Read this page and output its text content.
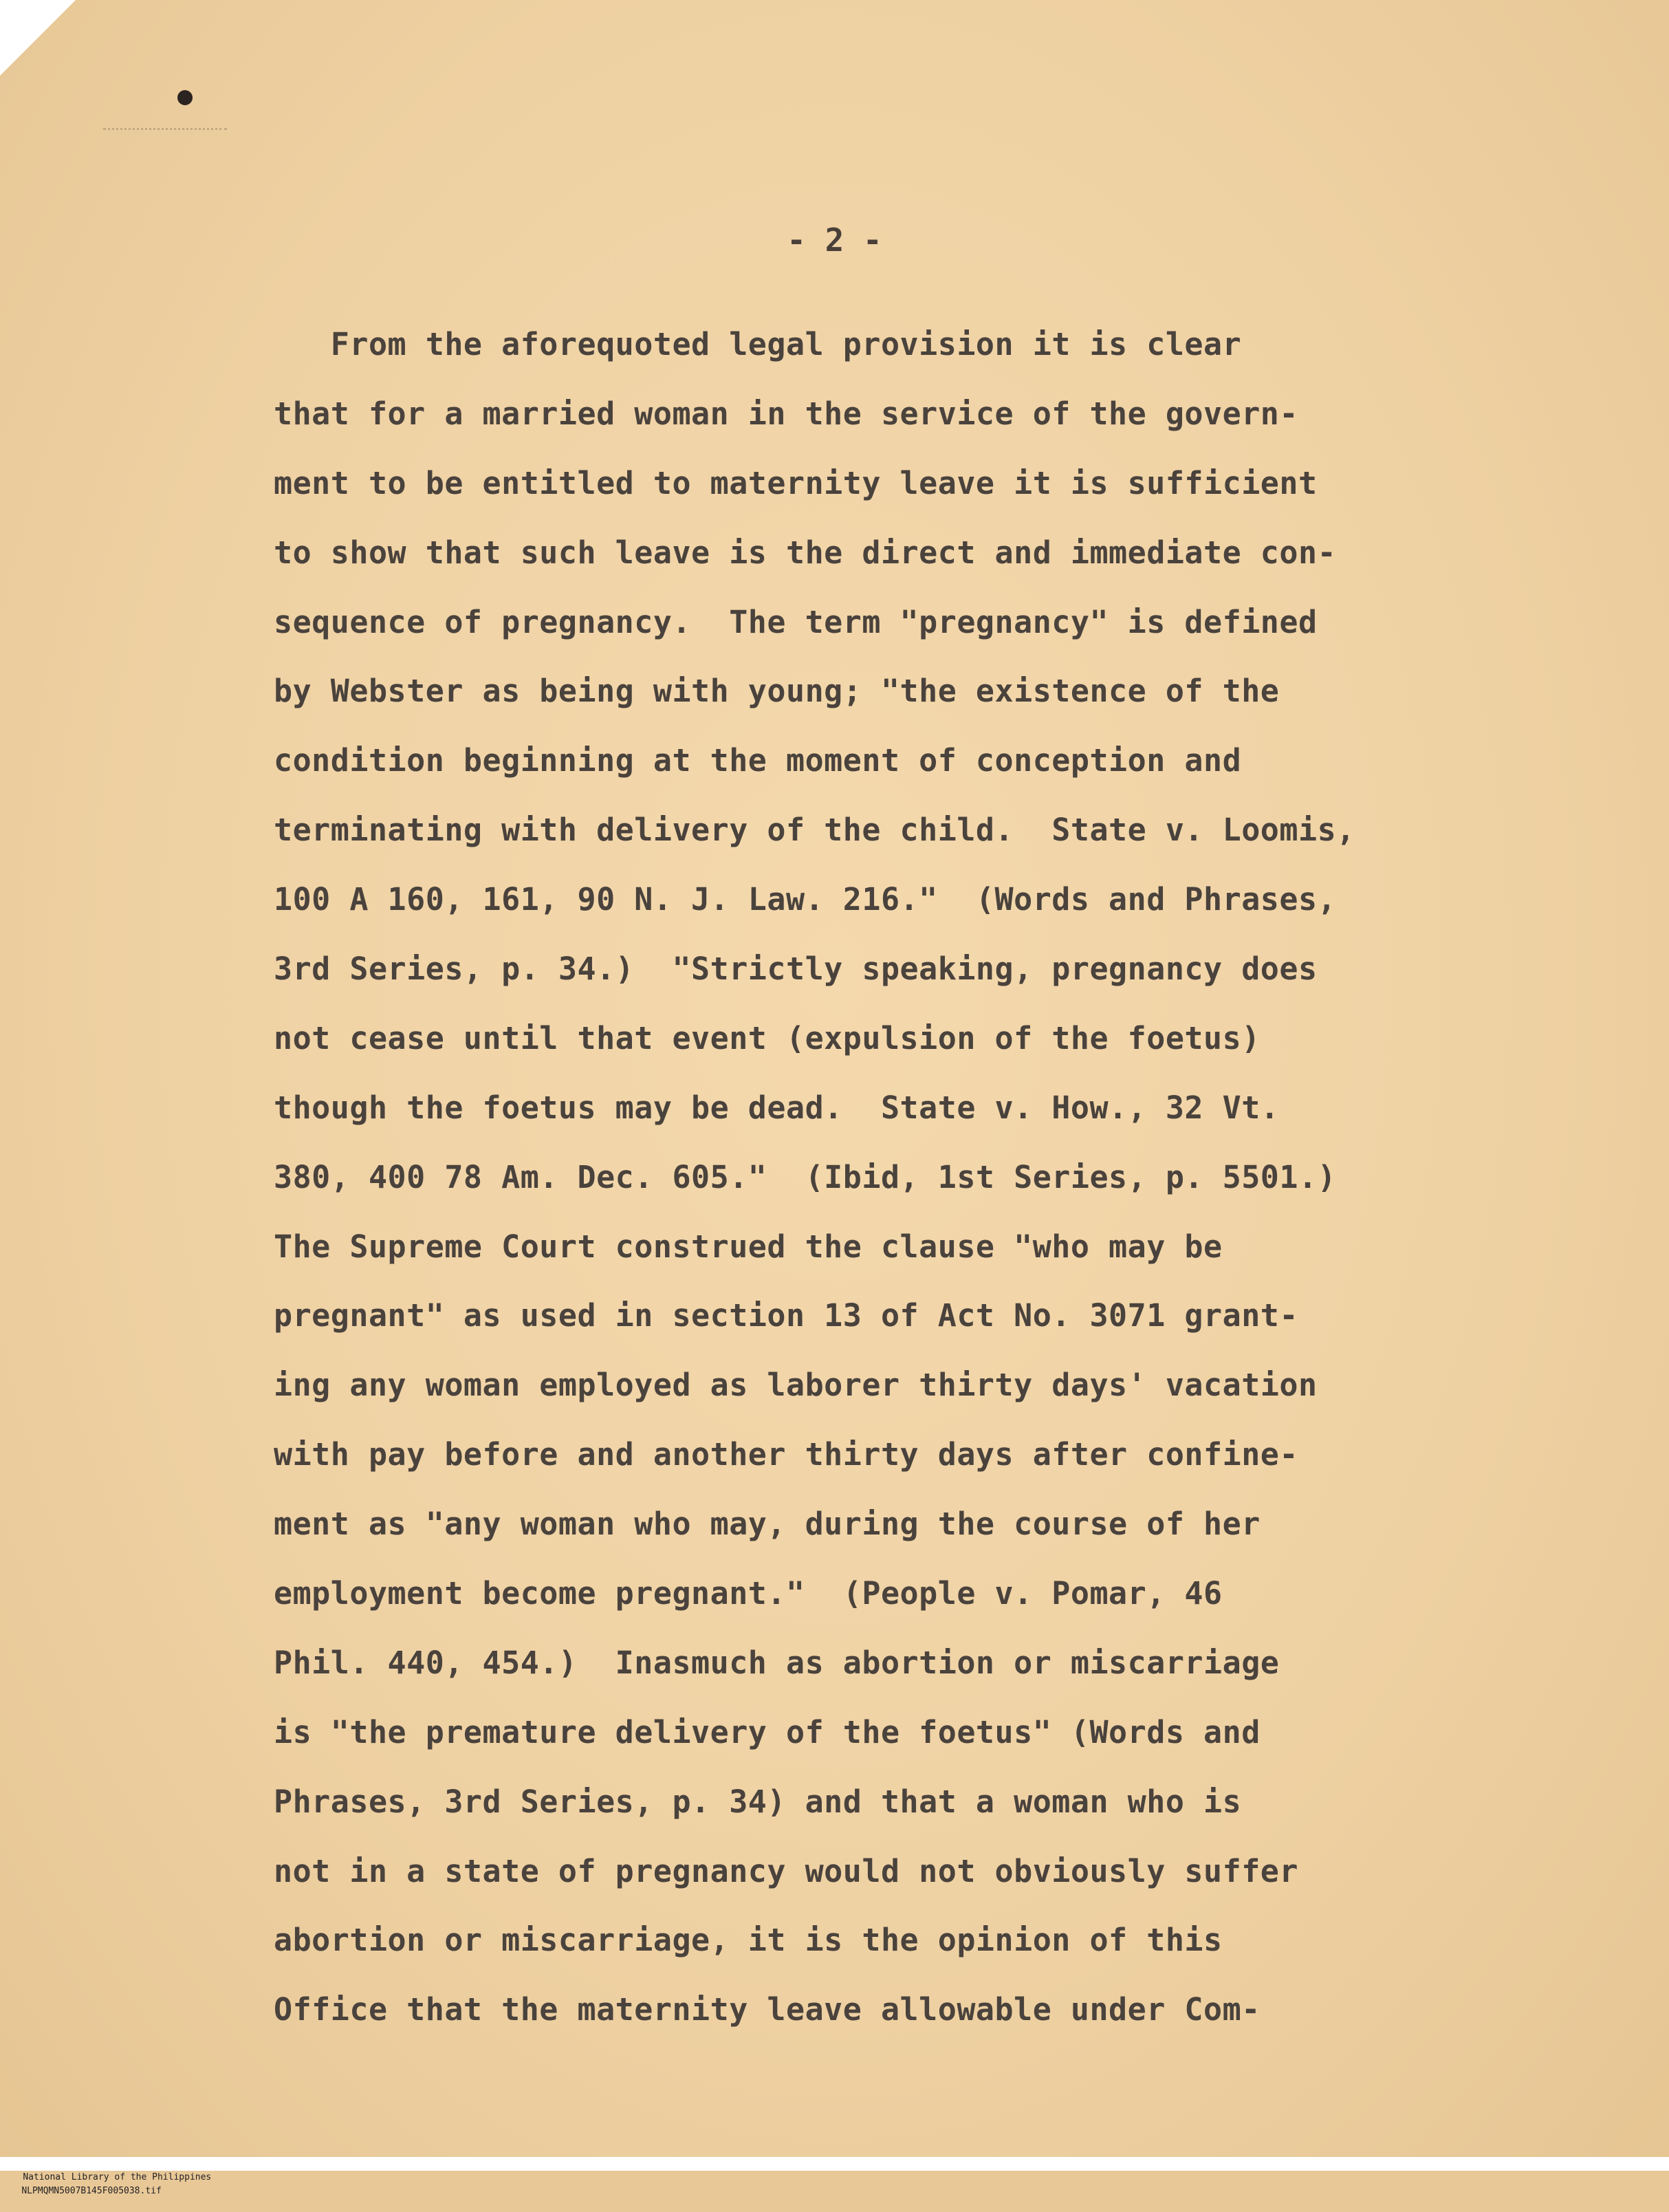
- 2 -
From the aforequoted legal provision it is clear
that for a married woman in the service of the govern-
ment to be entitled to maternity leave it is sufficient
to show that such leave is the direct and immediate con-
sequence of pregnancy.  The term "pregnancy" is defined
by Webster as being with young; "the existence of the
condition beginning at the moment of conception and
terminating with delivery of the child.  State v. Loomis,
100 A 160, 161, 90 N. J. Law. 216."  (Words and Phrases,
3rd Series, p. 34.)  "Strictly speaking, pregnancy does
not cease until that event (expulsion of the foetus)
though the foetus may be dead.  State v. How., 32 Vt.
380, 400 78 Am. Dec. 605."  (Ibid, 1st Series, p. 5501.)
The Supreme Court construed the clause "who may be
pregnant" as used in section 13 of Act No. 3071 grant-
ing any woman employed as laborer thirty days' vacation
with pay before and another thirty days after confine-
ment as "any woman who may, during the course of her
employment become pregnant."  (People v. Pomar, 46
Phil. 440, 454.)  Inasmuch as abortion or miscarriage
is "the premature delivery of the foetus" (Words and
Phrases, 3rd Series, p. 34) and that a woman who is
not in a state of pregnancy would not obviously suffer
abortion or miscarriage, it is the opinion of this
Office that the maternity leave allowable under Com-

National Library of the Philippines
NLPMQMN5007B145F005038.tif
